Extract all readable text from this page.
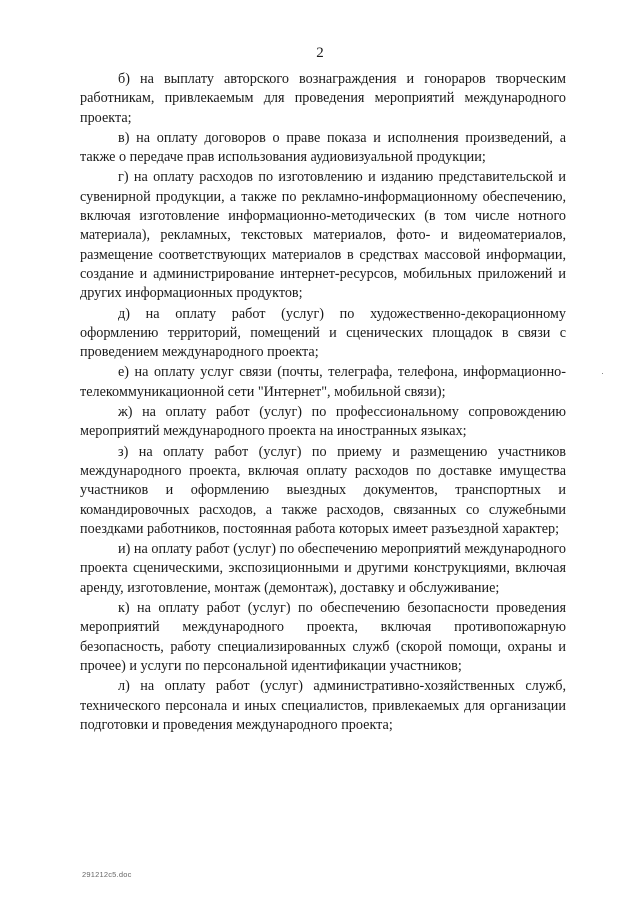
2

б) на выплату авторского вознаграждения и гонораров творческим работникам, привлекаемым для проведения мероприятий международного проекта;

в) на оплату договоров о праве показа и исполнения произведений, а также о передаче прав использования аудиовизуальной продукции;

г) на оплату расходов по изготовлению и изданию представительской и сувенирной продукции, а также по рекламно-информационному обеспечению, включая изготовление информационно-методических (в том числе нотного материала), рекламных, текстовых материалов, фото- и видеоматериалов, размещение соответствующих материалов в средствах массовой информации, создание и администрирование интернет-ресурсов, мобильных приложений и других информационных продуктов;

д) на оплату работ (услуг) по художественно-декорационному оформлению территорий, помещений и сценических площадок в связи с проведением международного проекта;

е) на оплату услуг связи (почты, телеграфа, телефона, информационно-телекоммуникационной сети "Интернет", мобильной связи);

ж) на оплату работ (услуг) по профессиональному сопровождению мероприятий международного проекта на иностранных языках;

з) на оплату работ (услуг) по приему и размещению участников международного проекта, включая оплату расходов по доставке имущества участников и оформлению выездных документов, транспортных и командировочных расходов, а также расходов, связанных со служебными поездками работников, постоянная работа которых имеет разъездной характер;

и) на оплату работ (услуг) по обеспечению мероприятий международного проекта сценическими, экспозиционными и другими конструкциями, включая аренду, изготовление, монтаж (демонтаж), доставку и обслуживание;

к) на оплату работ (услуг) по обеспечению безопасности проведения мероприятий международного проекта, включая противопожарную безопасность, работу специализированных служб (скорой помощи, охраны и прочее) и услуги по персональной идентификации участников;

л) на оплату работ (услуг) административно-хозяйственных служб, технического персонала и иных специалистов, привлекаемых для организации подготовки и проведения международного проекта;

291212c5.doc
